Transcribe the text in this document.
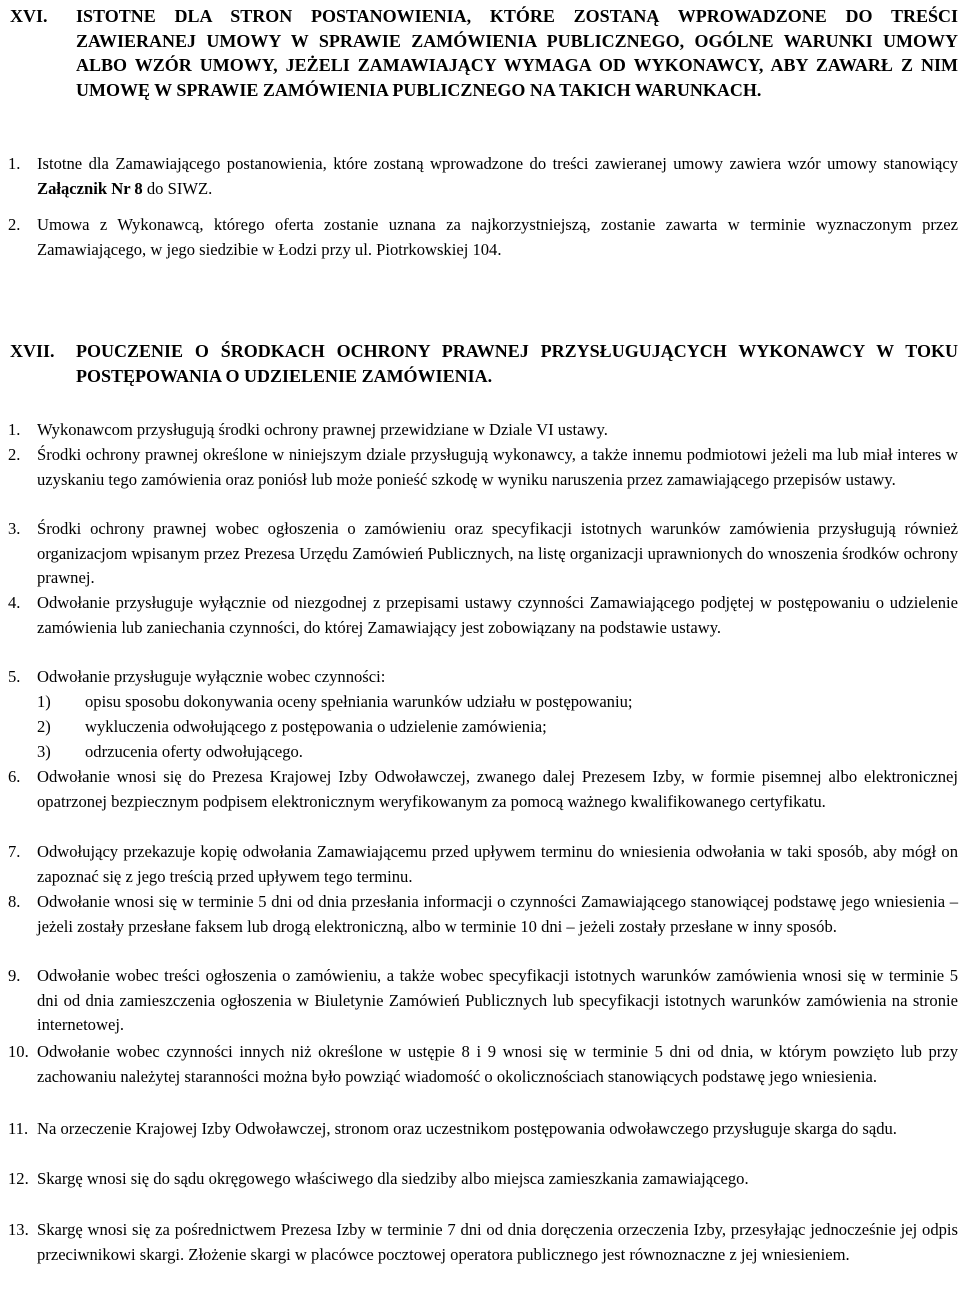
XVI. ISTOTNE DLA STRON POSTANOWIENIA, KTÓRE ZOSTANĄ WPROWADZONE DO TREŚCI ZAWIERANEJ UMOWY W SPRAWIE ZAMÓWIENIA PUBLICZNEGO, OGÓLNE WARUNKI UMOWY ALBO WZÓR UMOWY, JEŻELI ZAMAWIAJĄCY WYMAGA OD WYKONAWCY, ABY ZAWARŁ Z NIM UMOWĘ W SPRAWIE ZAMÓWIENIA PUBLICZNEGO NA TAKICH WARUNKACH.
1. Istotne dla Zamawiającego postanowienia, które zostaną wprowadzone do treści zawieranej umowy zawiera wzór umowy stanowiący Załącznik Nr 8 do SIWZ.
2. Umowa z Wykonawcą, którego oferta zostanie uznana za najkorzystniejszą, zostanie zawarta w terminie wyznaczonym przez Zamawiającego, w jego siedzibie w Łodzi przy ul. Piotrkowskiej 104.
XVII. POUCZENIE O ŚRODKACH OCHRONY PRAWNEJ PRZYSŁUGUJĄCYCH WYKONAWCY W TOKU POSTĘPOWANIA O UDZIELENIE ZAMÓWIENIA.
1. Wykonawcom przysługują środki ochrony prawnej przewidziane w Dziale VI ustawy.
2. Środki ochrony prawnej określone w niniejszym dziale przysługują wykonawcy, a także innemu podmiotowi jeżeli ma lub miał interes w uzyskaniu tego zamówienia oraz poniósł lub może ponieść szkodę w wyniku naruszenia przez zamawiającego przepisów ustawy.
3. Środki ochrony prawnej wobec ogłoszenia o zamówieniu oraz specyfikacji istotnych warunków zamówienia przysługują również organizacjom wpisanym przez Prezesa Urzędu Zamówień Publicznych, na listę organizacji uprawnionych do wnoszenia środków ochrony prawnej.
4. Odwołanie przysługuje wyłącznie od niezgodnej z przepisami ustawy czynności Zamawiającego podjętej w postępowaniu o udzielenie zamówienia lub zaniechania czynności, do której Zamawiający jest zobowiązany na podstawie ustawy.
5. Odwołanie przysługuje wyłącznie wobec czynności:
1) opisu sposobu dokonywania oceny spełniania warunków udziału w postępowaniu;
2) wykluczenia odwołującego z postępowania o udzielenie zamówienia;
3) odrzucenia oferty odwołującego.
6. Odwołanie wnosi się do Prezesa Krajowej Izby Odwoławczej, zwanego dalej Prezesem Izby, w formie pisemnej albo elektronicznej opatrzonej bezpiecznym podpisem elektronicznym weryfikowanym za pomocą ważnego kwalifikowanego certyfikatu.
7. Odwołujący przekazuje kopię odwołania Zamawiającemu przed upływem terminu do wniesienia odwołania w taki sposób, aby mógł on zapoznać się z jego treścią przed upływem tego terminu.
8. Odwołanie wnosi się w terminie 5 dni od dnia przesłania informacji o czynności Zamawiającego stanowiącej podstawę jego wniesienia – jeżeli zostały przesłane faksem lub drogą elektroniczną, albo w terminie 10 dni – jeżeli zostały przesłane w inny sposób.
9. Odwołanie wobec treści ogłoszenia o zamówieniu, a także wobec specyfikacji istotnych warunków zamówienia wnosi się w terminie 5 dni od dnia zamieszczenia ogłoszenia w Biuletynie Zamówień Publicznych lub specyfikacji istotnych warunków zamówienia na stronie internetowej.
10. Odwołanie wobec czynności innych niż określone w ustępie 8 i 9 wnosi się w terminie 5 dni od dnia, w którym powzięto lub przy zachowaniu należytej staranności można było powziąć wiadomość o okolicznościach stanowiących podstawę jego wniesienia.
11. Na orzeczenie Krajowej Izby Odwoławczej, stronom oraz uczestnikom postępowania odwoławczego przysługuje skarga do sądu.
12. Skargę wnosi się do sądu okręgowego właściwego dla siedziby albo miejsca zamieszkania zamawiającego.
13. Skargę wnosi się za pośrednictwem Prezesa Izby w terminie 7 dni od dnia doręczenia orzeczenia Izby, przesyłając jednocześnie jej odpis przeciwnikowi skargi. Złożenie skargi w placówce pocztowej operatora publicznego jest równoznaczne z jej wniesieniem.
